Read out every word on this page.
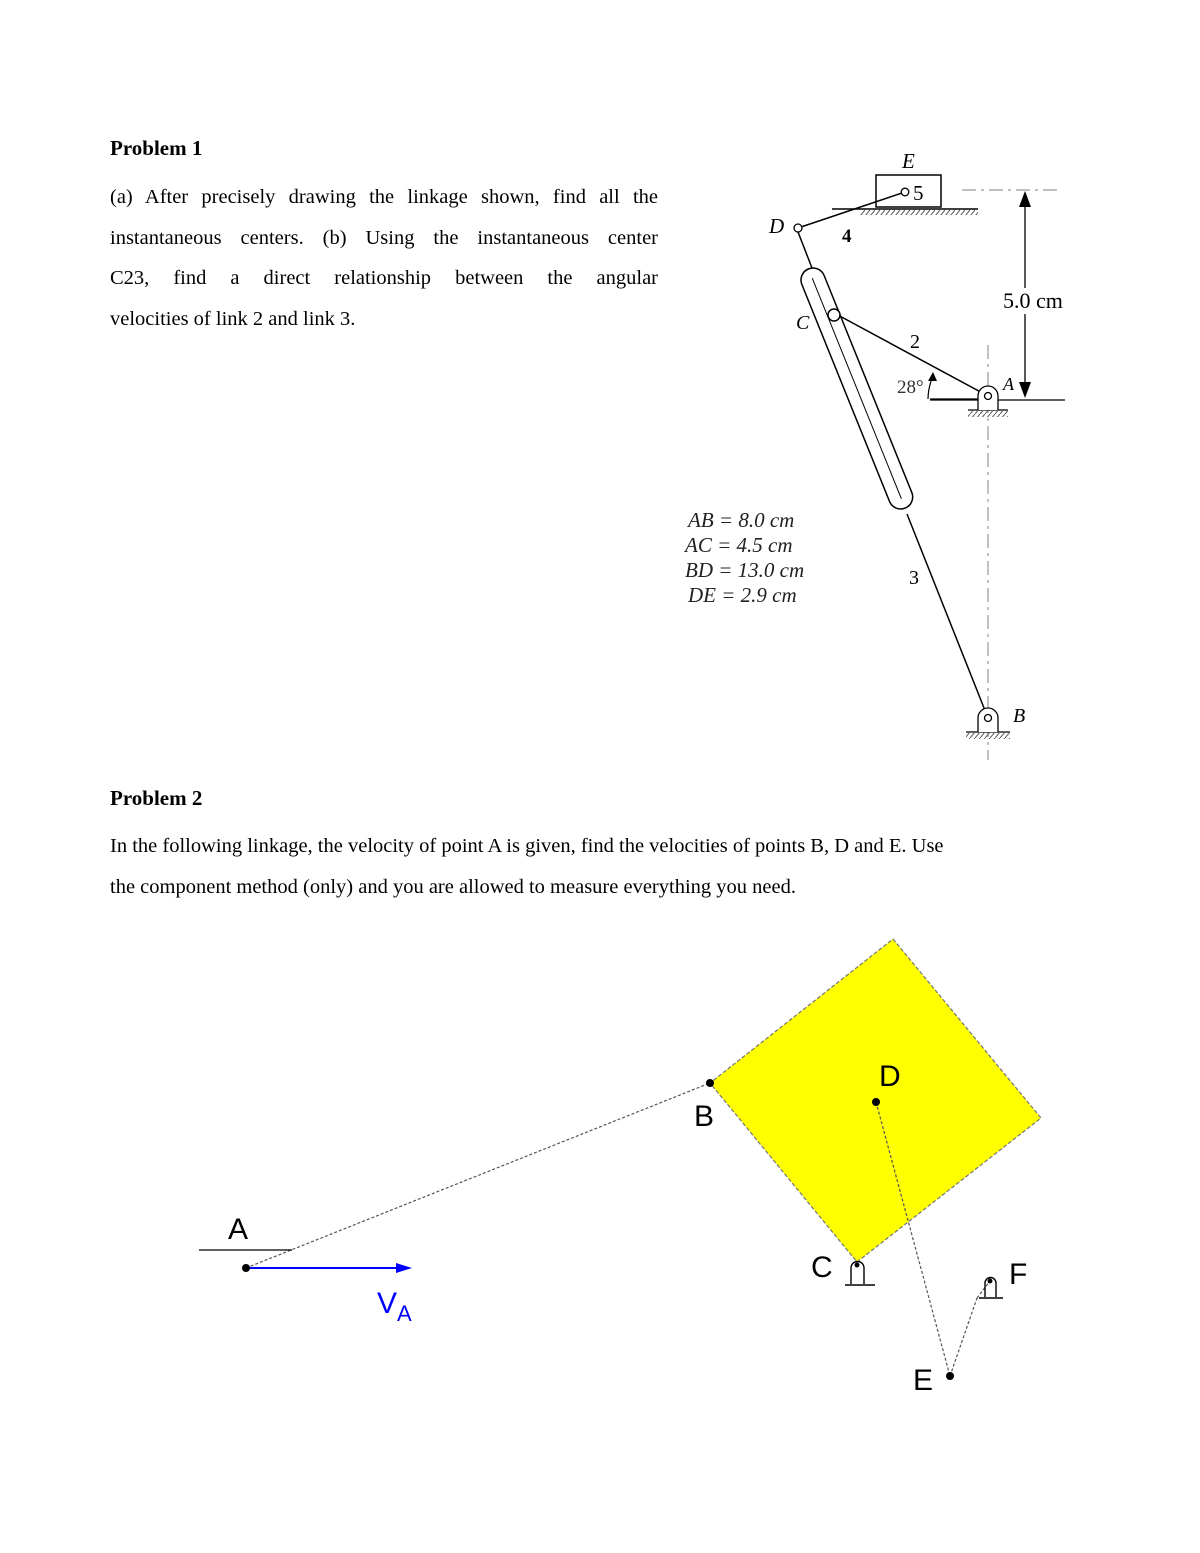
Problem 1
(a) After precisely drawing the linkage shown, find all the
instantaneous centers. (b) Using the instantaneous center
C23, find a direct relationship between the angular
velocities of link 2 and link 3.
Problem 2
In the following linkage, the velocity of point A is given, find the velocities of points B, D and E. Use
the component method (only) and you are allowed to measure everything you need.
E
5
D	4
C
2
28°	A
5.0 cm
3
B
AB = 8.0 cm
AC = 4.5 cm
BD = 13.0 cm
DE = 2.9 cm
A
B
C
D
E
F
$V_A$
